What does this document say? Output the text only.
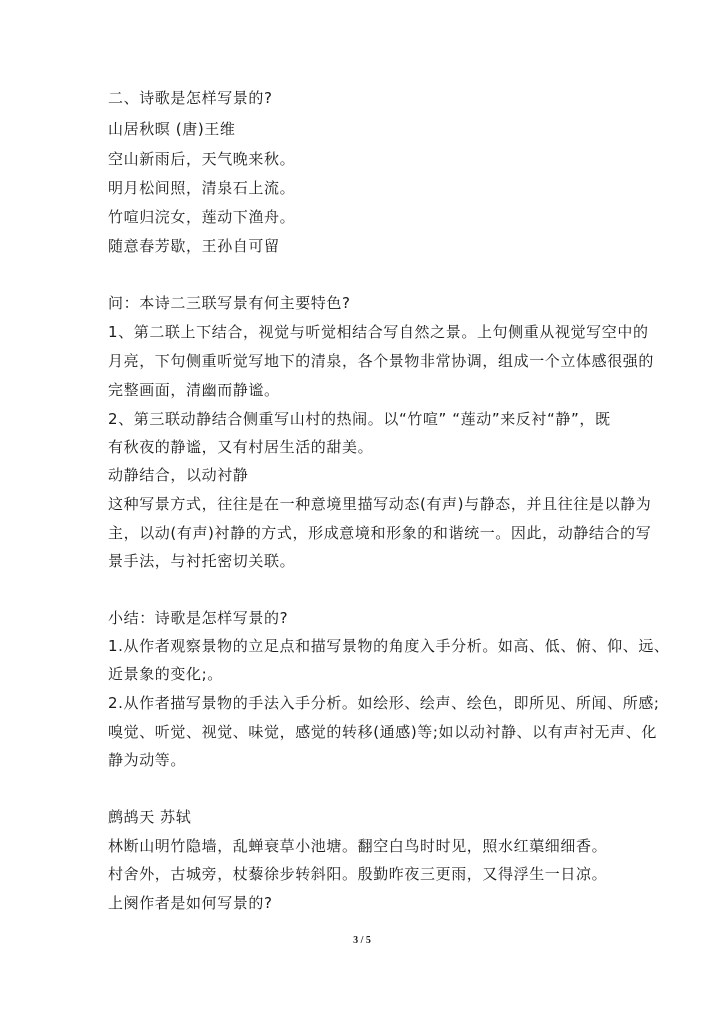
二、诗歌是怎样写景的?
山居秋暝 (唐)王维
空山新雨后，天气晚来秋。
明月松间照，清泉石上流。
竹喧归浣女，莲动下渔舟。
随意春芳歇，王孙自可留
问：本诗二三联写景有何主要特色?
1、第二联上下结合，视觉与听觉相结合写自然之景。上句侧重从视觉写空中的
月亮，下句侧重听觉写地下的清泉，各个景物非常协调，组成一个立体感很强的
完整画面，清幽而静谧。
2、第三联动静结合侧重写山村的热闹。以“竹喧” “莲动”来反衬“静”，既
有秋夜的静谧，又有村居生活的甜美。
动静结合，以动衬静
这种写景方式，往往是在一种意境里描写动态(有声)与静态，并且往往是以静为
主，以动(有声)衬静的方式，形成意境和形象的和谐统一。因此，动静结合的写
景手法，与衬托密切关联。
小结：诗歌是怎样写景的?
1.从作者观察景物的立足点和描写景物的角度入手分析。如高、低、俯、仰、远、
近景象的变化;。
2.从作者描写景物的手法入手分析。如绘形、绘声、绘色，即所见、所闻、所感;
嗅觉、听觉、视觉、味觉，感觉的转移(通感)等;如以动衬静、以有声衬无声、化
静为动等。
鹧鸪天 苏轼
林断山明竹隐墙，乱蝉衰草小池塘。翻空白鸟时时见，照水红蕖细细香。
村舍外，古城旁，杖藜徐步转斜阳。殷勤昨夜三更雨，又得浮生一日凉。
上阕作者是如何写景的?
3 / 5
